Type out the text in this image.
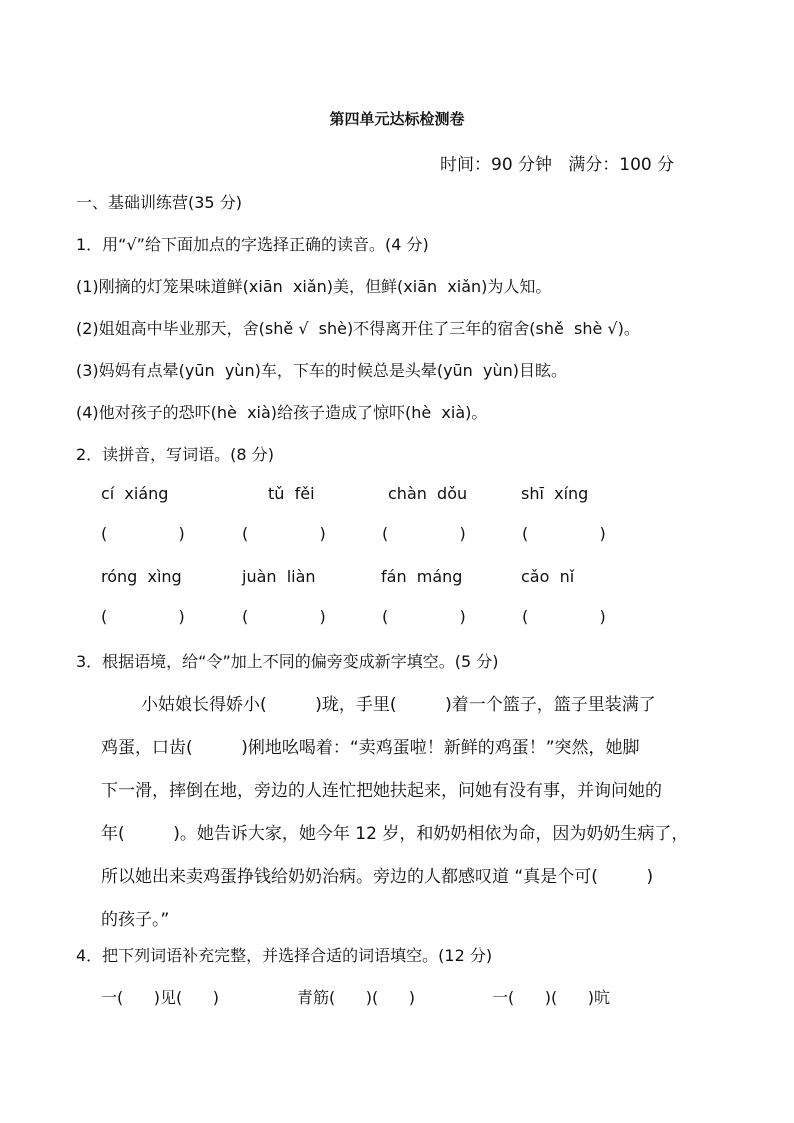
第四单元达标检测卷
时间：90 分钟   满分：100 分
一、基础训练营(35 分)
1．用“√”给下面加点的字选择正确的读音。(4 分)
(1)刚摘的灯笼果味道鲜(xiān  xiǎn)美，但鲜(xiān  xiǎn)为人知。
(2)姐姐高中毕业那天，舍(shě √  shè)不得离开住了三年的宿舍(shě  shè √)。
(3)妈妈有点晕(yūn  yùn)车，下车的时候总是头晕(yūn  yùn)目眩。
(4)他对孩子的恐吓(hè  xià)给孩子造成了惊吓(hè  xià)。
2．读拼音，写词语。(8 分)
cí  xiáng	tǔ  fěi	chàn  dǒu	shī  xíng
(              )	(              )	(              )	(              )
róng  xìng	juàn  liàn	fán  máng	cǎo  nǐ
(              )	(              )	(              )	(              )
3．根据语境，给“令”加上不同的偏旁变成新字填空。(5 分)
小姑娘长得娇小(         )珑，手里(         )着一个篮子，篮子里装满了
鸡蛋，口齿(         )俐地吆喝着：“卖鸡蛋啦！新鲜的鸡蛋！”突然，她脚
下一滑，摔倒在地，旁边的人连忙把她扶起来，问她有没有事，并询问她的
年(         )。她告诉大家，她今年 12 岁，和奶奶相依为命，因为奶奶生病了，
所以她出来卖鸡蛋挣钱给奶奶治病。旁边的人都感叹道 “真是个可(         )
的孩子。”
4．把下列词语补充完整，并选择合适的词语填空。(12 分)
一(      )见(      )	青筋(      )(      )	一(      )(      )吭
